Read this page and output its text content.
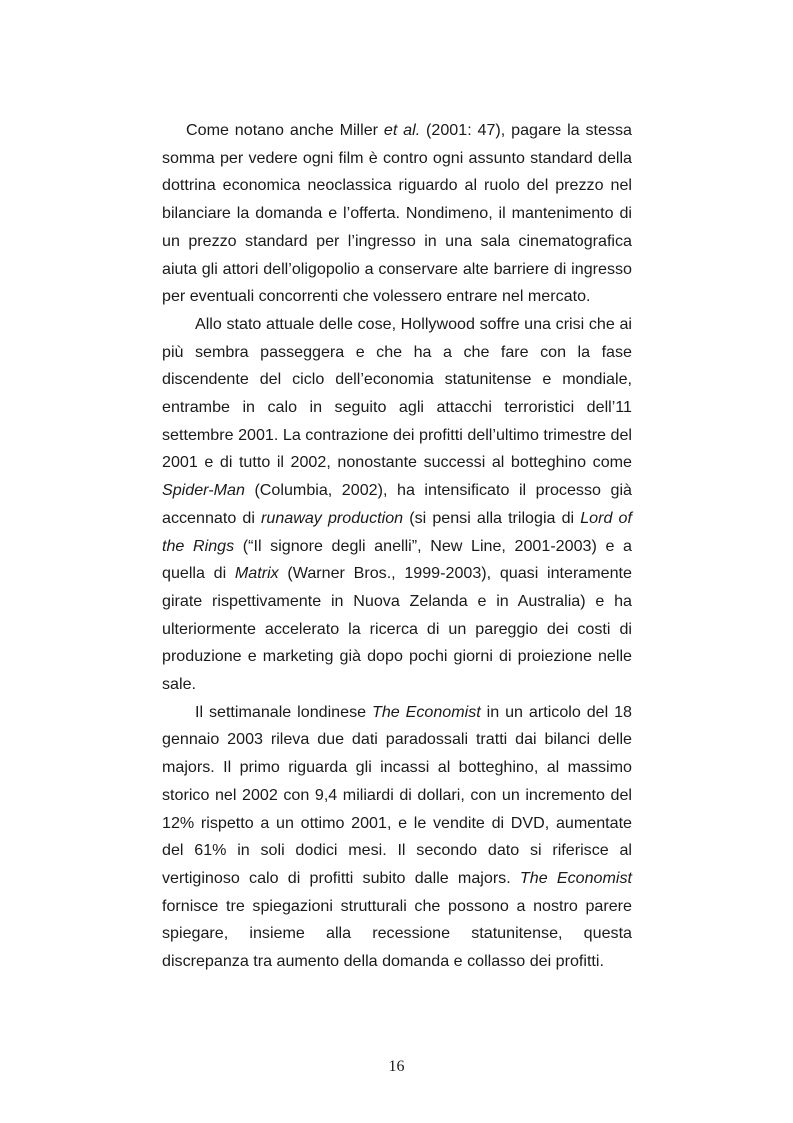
Come notano anche Miller et al. (2001: 47), pagare la stessa somma per vedere ogni film è contro ogni assunto standard della dottrina economica neoclassica riguardo al ruolo del prezzo nel bilanciare la domanda e l’offerta. Nondimeno, il mantenimento di un prezzo standard per l’ingresso in una sala cinematografica aiuta gli attori dell’oligopolio a conservare alte barriere di ingresso per eventuali concorrenti che volessero entrare nel mercato.

Allo stato attuale delle cose, Hollywood soffre una crisi che ai più sembra passeggera e che ha a che fare con la fase discendente del ciclo dell’economia statunitense e mondiale, entrambe in calo in seguito agli attacchi terroristici dell’11 settembre 2001. La contrazione dei profitti dell’ultimo trimestre del 2001 e di tutto il 2002, nonostante successi al botteghino come Spider-Man (Columbia, 2002), ha intensificato il processo già accennato di runaway production (si pensi alla trilogia di Lord of the Rings (“Il signore degli anelli”, New Line, 2001-2003) e a quella di Matrix (Warner Bros., 1999-2003), quasi interamente girate rispettivamente in Nuova Zelanda e in Australia) e ha ulteriormente accelerato la ricerca di un pareggio dei costi di produzione e marketing già dopo pochi giorni di proiezione nelle sale.

Il settimanale londinese The Economist in un articolo del 18 gennaio 2003 rileva due dati paradossali tratti dai bilanci delle majors. Il primo riguarda gli incassi al botteghino, al massimo storico nel 2002 con 9,4 miliardi di dollari, con un incremento del 12% rispetto a un ottimo 2001, e le vendite di DVD, aumentate del 61% in soli dodici mesi. Il secondo dato si riferisce al vertiginoso calo di profitti subito dalle majors. The Economist fornisce tre spiegazioni strutturali che possono a nostro parere spiegare, insieme alla recessione statunitense, questa discrepanza tra aumento della domanda e collasso dei profitti.

16
